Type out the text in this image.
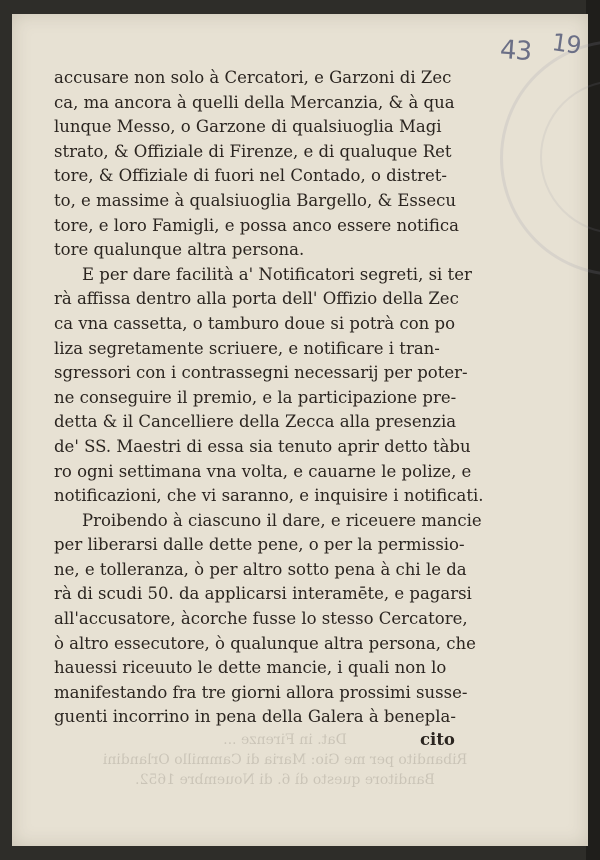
43 19
Dat. in Firenze ...
Ribandito per me Gio: Maria di Cammillo Orlandini
Banditore questo dì 6. di Nouembre 1652.
accusare non solo à Cercatori, e Garzoni di Zec
ca, ma ancora à quelli della Mercanzia, & à qua
lunque Messo, o Garzone di qualsiuoglia Magi
strato, & Offiziale di Firenze, e di qualuque Ret
tore, & Offiziale di fuori nel Contado, o distret-
to, e massime à qualsiuoglia Bargello, & Essecu
tore, e loro Famigli, e possa anco essere notifica
tore qualunque altra persona.
E per dare facilità a' Notificatori segreti, si ter
rà affissa dentro alla porta dell' Offizio della Zec
ca vna cassetta, o tamburo doue si potrà con po
liza segretamente scriuere, e notificare i tran-
sgressori con i contrassegni necessarij per poter-
ne conseguire il premio, e la participazione pre-
detta & il Cancelliere della Zecca alla presenzia
de' SS. Maestri di essa sia tenuto aprir detto tàbu
ro ogni settimana vna volta, e cauarne le polize, e
notificazioni, che vi saranno, e inquisire i notificati.
Proibendo à ciascuno il dare, e riceuere mancie
per liberarsi dalle dette pene, o per la permissio-
ne, e tolleranza, ò per altro sotto pena à chi le da
rà di scudi 50. da applicarsi interamēte, e pagarsi
all'accusatore, àcorche fusse lo stesso Cercatore,
ò altro essecutore, ò qualunque altra persona, che
hauessi riceuuto le dette mancie, i quali non lo
manifestando fra tre giorni allora prossimi susse-
guenti incorrino in pena della Galera à benepla-
cito
